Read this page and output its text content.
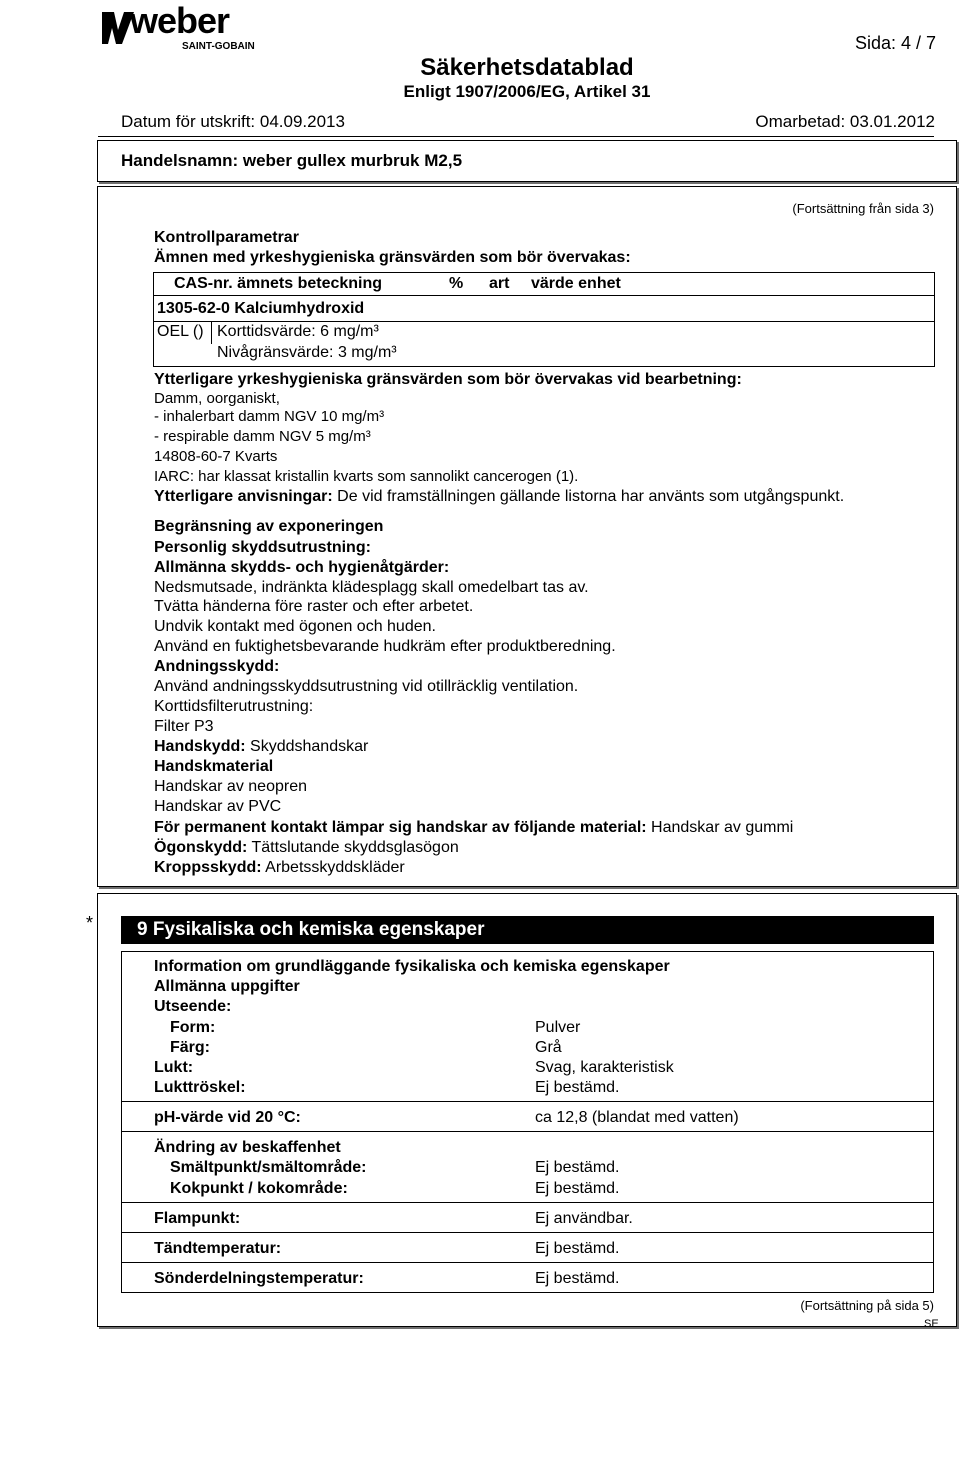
weber
SAINT-GOBAIN	Sida: 4 / 7
Säkerhetsdatablad
Enligt 1907/2006/EG, Artikel 31
Datum för utskrift: 04.09.2013	Omarbetad: 03.01.2012
Handelsnamn: weber gullex murbruk M2,5
(Fortsättning från sida 3)
Kontrollparametrar
Ämnen med yrkeshygieniska gränsvärden som bör övervakas:
CAS-nr. ämnets beteckning	% art värde enhet
1305-62-0 Kalciumhydroxid
OEL () Korttidsvärde: 6 mg/m³
Nivågränsvärde: 3 mg/m³
Ytterligare yrkeshygieniska gränsvärden som bör övervakas vid bearbetning:
Damm, oorganiskt,
- inhalerbart damm NGV 10 mg/m³
- respirable damm NGV 5 mg/m³
14808-60-7 Kvarts
IARC: har klassat kristallin kvarts som sannolikt cancerogen (1).
Ytterligare anvisningar: De vid framställningen gällande listorna har använts som utgångspunkt.
Begränsning av exponeringen
Personlig skyddsutrustning:
Allmänna skydds- och hygienåtgärder:
Nedsmutsade, indränkta klädesplagg skall omedelbart tas av.
Tvätta händerna före raster och efter arbetet.
Undvik kontakt med ögonen och huden.
Använd en fuktighetsbevarande hudkräm efter produktberedning.
Andningsskydd:
Använd andningsskyddsutrustning vid otillräcklig ventilation.
Korttidsfilterutrustning:
Filter P3
Handskydd: Skyddshandskar
Handskmaterial
Handskar av neopren
Handskar av PVC
För permanent kontakt lämpar sig handskar av följande material: Handskar av gummi
Ögonskydd: Tättslutande skyddsglasögon
Kroppsskydd: Arbetsskyddskläder
*	9 Fysikaliska och kemiska egenskaper
Information om grundläggande fysikaliska och kemiska egenskaper
Allmänna uppgifter
Utseende:
Form:	Pulver
Färg:	Grå
Lukt:	Svag, karakteristisk
Lukttröskel:	Ej bestämd.
pH-värde vid 20 °C:	ca 12,8 (blandat med vatten)
Ändring av beskaffenhet
Smältpunkt/smältområde:	Ej bestämd.
Kokpunkt / kokområde:	Ej bestämd.
Flampunkt:	Ej användbar.
Tändtemperatur:	Ej bestämd.
Sönderdelningstemperatur:	Ej bestämd.
(Fortsättning på sida 5)
SE
